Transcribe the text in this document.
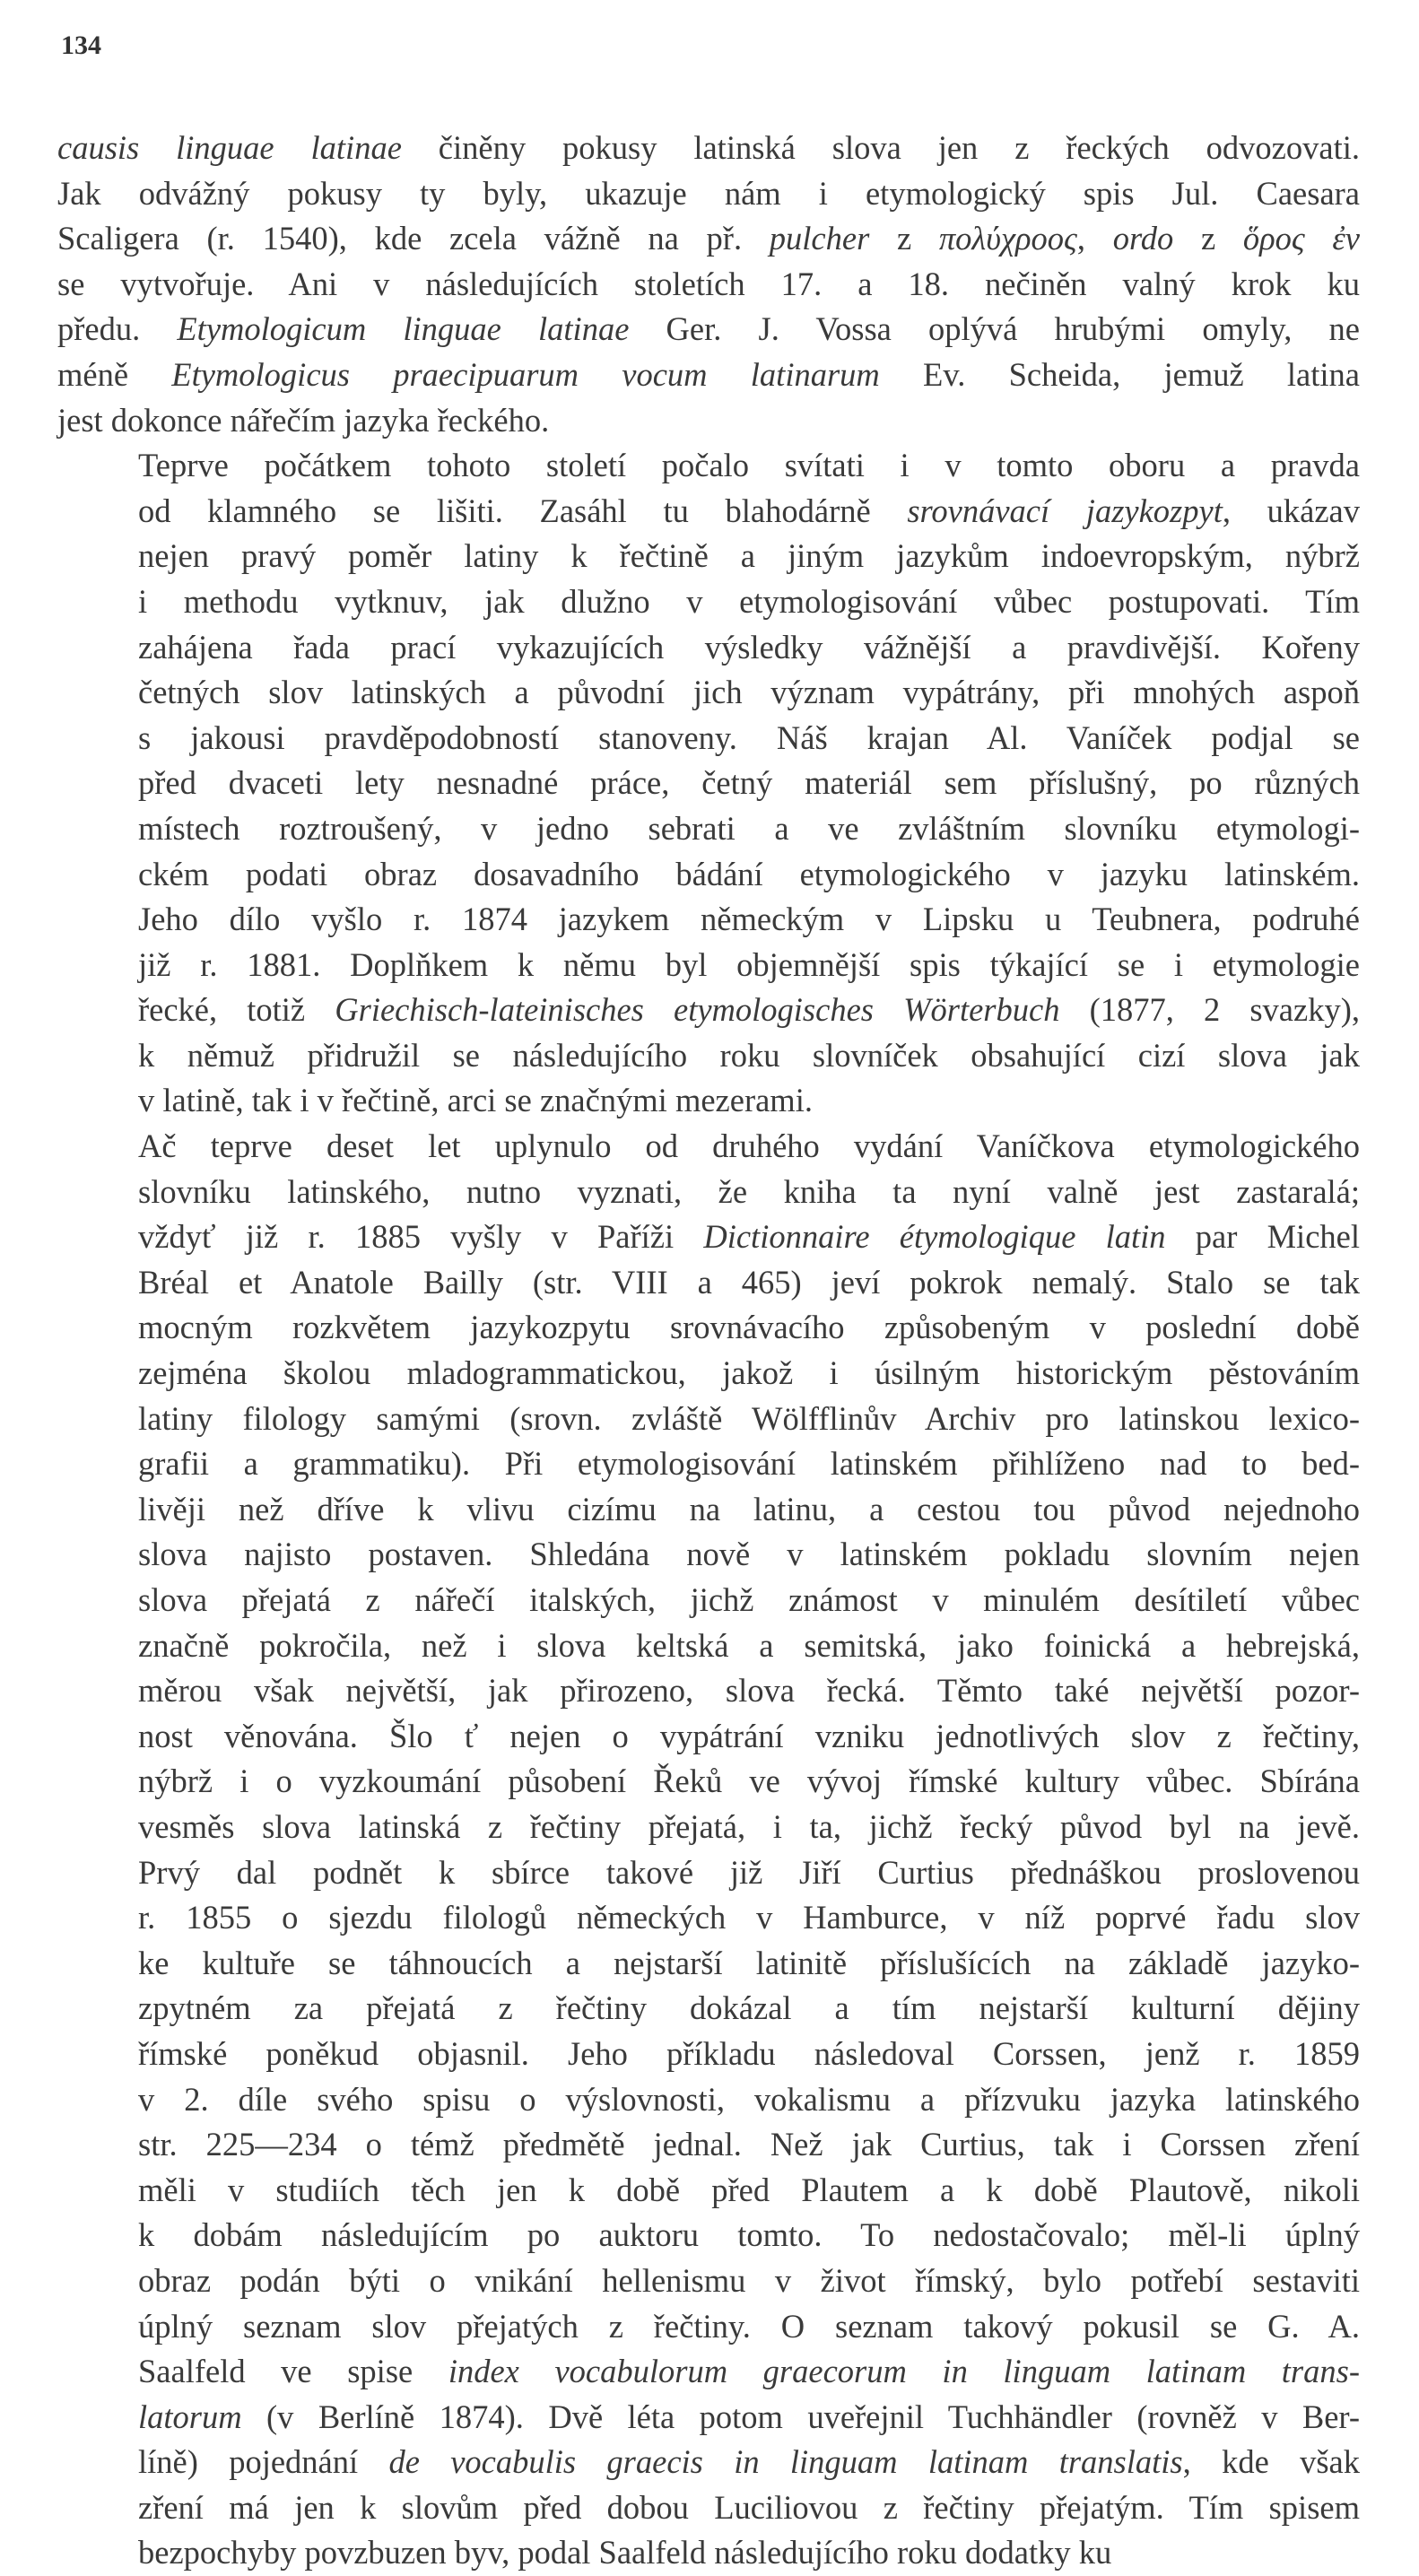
134
causis linguae latinae činěny pokusy latinská slova jen z řeckých odvozovati.
Jak odvážný pokusy ty byly, ukazuje nám i etymologický spis Jul. Caesara
Scaligera (r. 1540), kde zcela vážně na př. pulcher z πολύχροος, ordo z ὅρος ἐν
se vytvořuje. Ani v následujících stoletích 17. a 18. nečiněn valný krok ku
předu. Etymologicum linguae latinae Ger. J. Vossa oplývá hrubými omyly, ne
méně Etymologicus praecipuarum vocum latinarum Ev. Scheida, jemuž latina
jest dokonce nářečím jazyka řeckého.
Teprve počátkem tohoto století počalo svítati i v tomto oboru a pravda
od klamného se lišiti. Zasáhl tu blahodárně srovnávací jazykozpyt, ukázav
nejen pravý poměr latiny k řečtině a jiným jazykům indoevropským, nýbrž
i methodu vytknuv, jak dlužno v etymologisování vůbec postupovati. Tím
zahájena řada prací vykazujících výsledky vážnější a pravdivější. Kořeny
četných slov latinských a původní jich význam vypátrány, při mnohých aspoň
s jakousi pravděpodobností stanoveny. Náš krajan Al. Vaníček podjal se
před dvaceti lety nesnadné práce, četný materiál sem příslušný, po různých
místech roztroušený, v jedno sebrati a ve zvláštním slovníku etymologi-
ckém podati obraz dosavadního bádání etymologického v jazyku latinském.
Jeho dílo vyšlo r. 1874 jazykem německým v Lipsku u Teubnera, podruhé
již r. 1881. Doplňkem k němu byl objemnější spis týkající se i etymologie
řecké, totiž Griechisch-lateinisches etymologisches Wörterbuch (1877, 2 svazky),
k němuž přidružil se následujícího roku slovníček obsahující cizí slova jak
v latině, tak i v řečtině, arci se značnými mezerami.
Ač teprve deset let uplynulo od druhého vydání Vaníčkova etymologického
slovníku latinského, nutno vyznati, že kniha ta nyní valně jest zastaralá;
vždyť již r. 1885 vyšly v Paříži Dictionnaire étymologique latin par Michel
Bréal et Anatole Bailly (str. VIII a 465) jeví pokrok nemalý. Stalo se tak
mocným rozkvětem jazykozpytu srovnávacího způsobeným v poslední době
zejména školou mladogrammatickou, jakož i úsilným historickým pěstováním
latiny filology samými (srovn. zvláště Wölfflinův Archiv pro latinskou lexico-
grafii a grammatiku). Při etymologisování latinském přihlíženo nad to bed-
livěji než dříve k vlivu cizímu na latinu, a cestou tou původ nejednoho
slova najisto postaven. Shledána nově v latinském pokladu slovním nejen
slova přejatá z nářečí italských, jichž známost v minulém desítiletí vůbec
značně pokročila, než i slova keltská a semitská, jako foinická a hebrejská,
měrou však největší, jak přirozeno, slova řecká. Těmto také největší pozor-
nost věnována. Šlo ť nejen o vypátrání vzniku jednotlivých slov z řečtiny,
nýbrž i o vyzkoumání působení Řeků ve vývoj římské kultury vůbec. Sbírána
vesměs slova latinská z řečtiny přejatá, i ta, jichž řecký původ byl na jevě.
Prvý dal podnět k sbírce takové již Jiří Curtius přednáškou proslovenou
r. 1855 o sjezdu filologů německých v Hamburce, v níž poprvé řadu slov
ke kultuře se táhnoucích a nejstarší latinitě příslušících na základě jazyko-
zpytném za přejatá z řečtiny dokázal a tím nejstarší kulturní dějiny
římské poněkud objasnil. Jeho příkladu následoval Corssen, jenž r. 1859
v 2. díle svého spisu o výslovnosti, vokalismu a přízvuku jazyka latinského
str. 225—234 o témž předmětě jednal. Než jak Curtius, tak i Corssen zření
měli v studiích těch jen k době před Plautem a k době Plautově, nikoli
k dobám následujícím po auktoru tomto. To nedostačovalo; měl-li úplný
obraz podán býti o vnikání hellenismu v život římský, bylo potřebí sestaviti
úplný seznam slov přejatých z řečtiny. O seznam takový pokusil se G. A.
Saalfeld ve spise index vocabulorum graecorum in linguam latinam trans-
latorum (v Berlíně 1874). Dvě léta potom uveřejnil Tuchhändler (rovněž v Ber-
líně) pojednání de vocabulis graecis in linguam latinam translatis, kde však
zření má jen k slovům před dobou Luciliovou z řečtiny přejatým. Tím spisem
bezpochyby povzbuzen byv, podal Saalfeld následujícího roku dodatky ku
